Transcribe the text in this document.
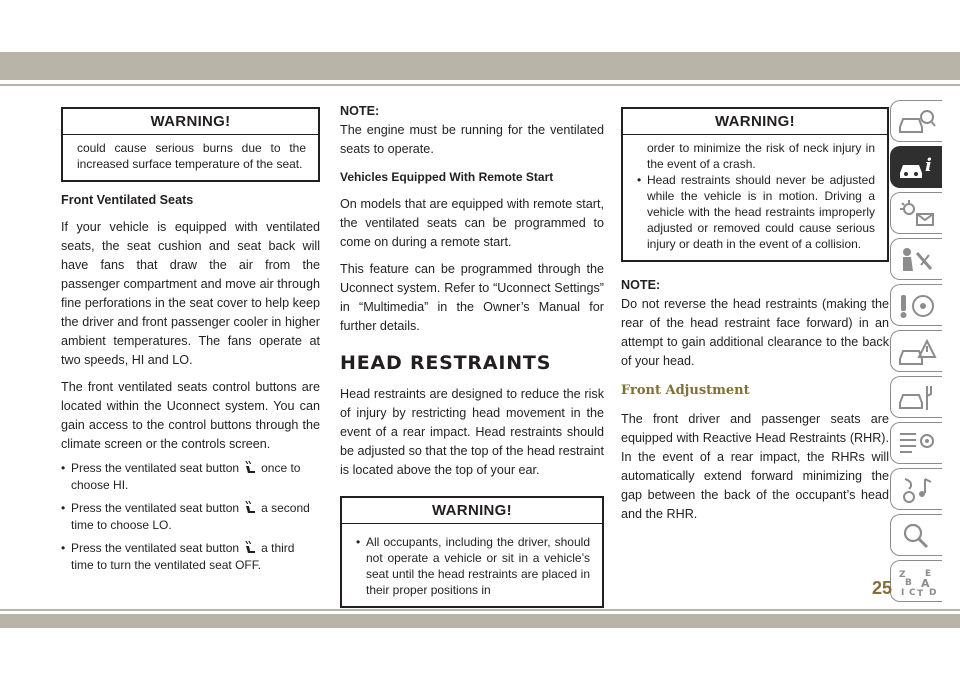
WARNING!
could cause serious burns due to the increased surface temperature of the seat.
Front Ventilated Seats

If your vehicle is equipped with ventilated seats, the seat cushion and seat back will have fans that draw the air from the passenger compartment and move air through fine perforations in the seat cover to help keep the driver and front passenger cooler in higher ambient temperatures. The fans operate at two speeds, HI and LO.

The front ventilated seats control buttons are located within the Uconnect system. You can gain access to the control buttons through the climate screen or the controls screen.

• Press the ventilated seat button once to choose HI.
• Press the ventilated seat button a second time to choose LO.
• Press the ventilated seat button a third time to turn the ventilated seat OFF.
NOTE:

The engine must be running for the ventilated seats to operate.

Vehicles Equipped With Remote Start

On models that are equipped with remote start, the ventilated seats can be programmed to come on during a remote start.

This feature can be programmed through the Uconnect system. Refer to “Uconnect Settings” in “Multimedia” in the Owner’s Manual for further details.

HEAD RESTRAINTS

Head restraints are designed to reduce the risk of injury by restricting head movement in the event of a rear impact. Head restraints should be adjusted so that the top of the head restraint is located above the top of your ear.

WARNING!
• All occupants, including the driver, should not operate a vehicle or sit in a vehicle’s seat until the head restraints are placed in their proper positions in
WARNING!
order to minimize the risk of neck injury in the event of a crash.
• Head restraints should never be adjusted while the vehicle is in motion. Driving a vehicle with the head restraints improperly adjusted or removed could cause serious injury or death in the event of a collision.
NOTE:

Do not reverse the head restraints (making the rear of the head restraint face forward) in an attempt to gain additional clearance to the back of your head.

Front Adjustment

The front driver and passenger seats are equipped with Reactive Head Restraints (RHR). In the event of a rear impact, the RHRs will automatically extend forward minimizing the gap between the back of the occupant’s head and the RHR.

i
Z E
B A
I C T D
25
